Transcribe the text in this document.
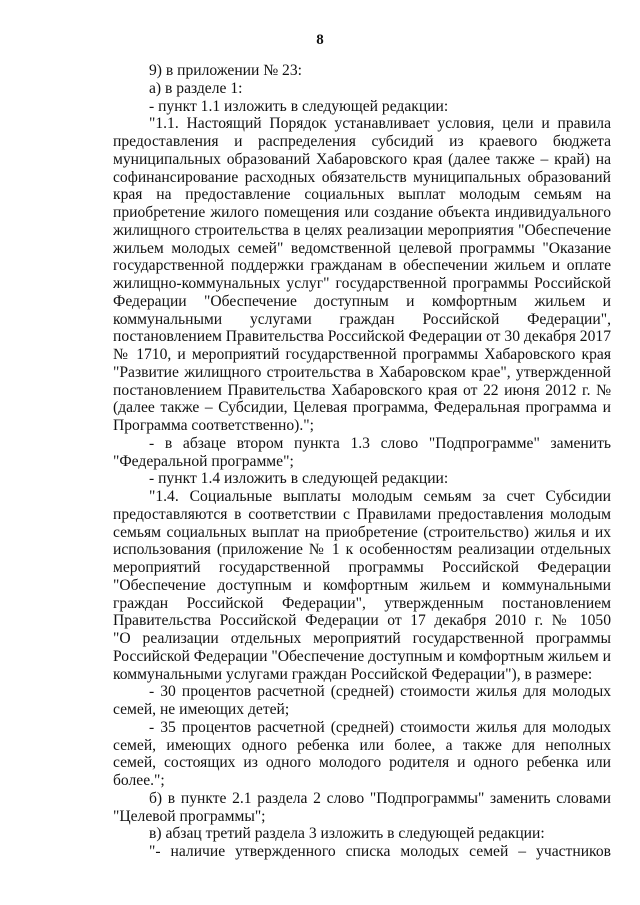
8
9) в приложении № 23:
а) в разделе 1:
- пункт 1.1 изложить в следующей редакции:
"1.1. Настоящий Порядок устанавливает условия, цели и правила
предоставления и распределения субсидий из краевого бюджета
муниципальных образований Хабаровского края (далее также – край) на
софинансирование расходных обязательств муниципальных образований
края на предоставление социальных выплат молодым семьям на
приобретение жилого помещения или создание объекта индивидуального
жилищного строительства в целях реализации мероприятия "Обеспечение
жильем молодых семей" ведомственной целевой программы "Оказание
государственной поддержки гражданам в обеспечении жильем и оплате
жилищно-коммунальных услуг" государственной программы Российской
Федерации "Обеспечение доступным и комфортным жильем и
коммунальными услугами граждан Российской Федерации",
постановлением Правительства Российской Федерации от 30 декабря 2017
№ 1710, и мероприятий государственной программы Хабаровского края
"Развитие жилищного строительства в Хабаровском крае", утвержденной
постановлением Правительства Хабаровского края от 22 июня 2012 г. №
(далее также – Субсидии, Целевая программа, Федеральная программа и
Программа соответственно).";
- в абзаце втором пункта 1.3 слово "Подпрограмме" заменить
"Федеральной программе";
- пункт 1.4 изложить в следующей редакции:
"1.4. Социальные выплаты молодым семьям за счет Субсидии
предоставляются в соответствии с Правилами предоставления молодым
семьям социальных выплат на приобретение (строительство) жилья и их
использования (приложение № 1 к особенностям реализации отдельных
мероприятий государственной программы Российской Федерации
"Обеспечение доступным и комфортным жильем и коммунальными
граждан Российской Федерации", утвержденным постановлением
Правительства Российской Федерации от 17 декабря 2010 г. № 1050
"О реализации отдельных мероприятий государственной программы
Российской Федерации "Обеспечение доступным и комфортным жильем и
коммунальными услугами граждан Российской Федерации"), в размере:
- 30 процентов расчетной (средней) стоимости жилья для молодых
семей, не имеющих детей;
- 35 процентов расчетной (средней) стоимости жилья для молодых
семей, имеющих одного ребенка или более, а также для неполных
семей, состоящих из одного молодого родителя и одного ребенка или
более.";
б) в пункте 2.1 раздела 2 слово "Подпрограммы" заменить словами
"Целевой программы";
в) абзац третий раздела 3 изложить в следующей редакции:
"- наличие утвержденного списка молодых семей – участников
